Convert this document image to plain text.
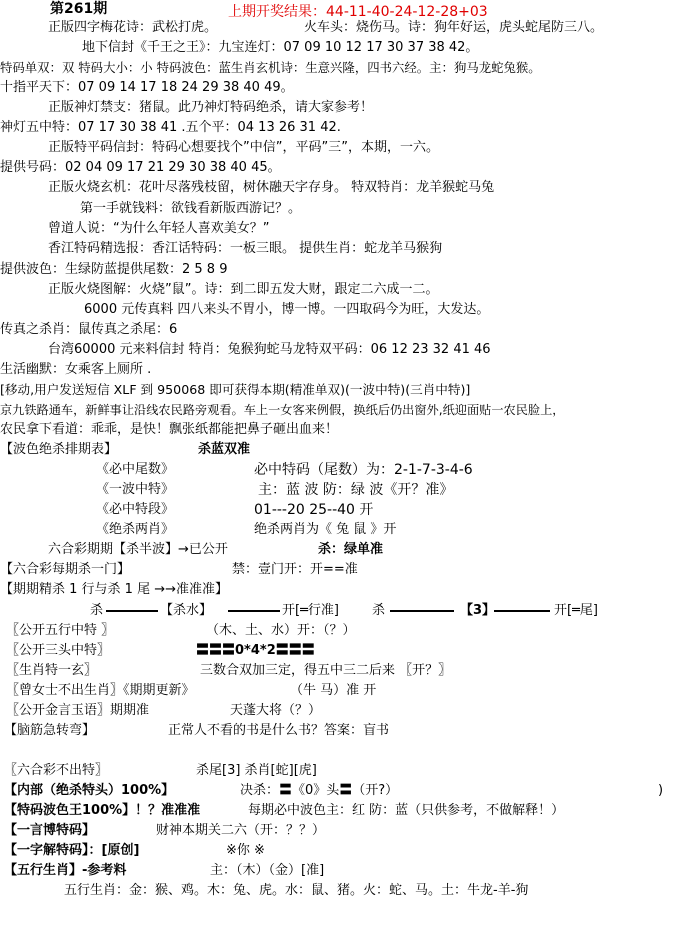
第261期	上期开奖结果：44-11-40-24-12-28+03
正版四字梅花诗：武松打虎。	火车头：烧伤马。诗：狗年好运，虎头蛇尾防三八。
地下信封《千王之王》：九宝连灯：07 09 10 12 17 30 37 38 42。
特码单双：双 特码大小：小 特码波色：蓝生肖玄机诗：生意兴隆，四书六经。主：狗马龙蛇兔猴。
十指平天下：07 09 14 17 18 24 29 38 40 49。
正版神灯禁支：猪鼠。此乃神灯特码绝杀，请大家参考！
神灯五中特：07 17 30 38 41 .五个平：04 13 26 31 42.
正版特平码信封：特码心想要找个”中信”，平码”三”，本期，一六。
提供号码：02 04 09 17 21 29 30 38 40 45。
正版火烧玄机：花叶尽落残枝留，树休融天字存身。 特双特肖：龙羊猴蛇马兔
第一手就钱料：欲钱看新版西游记？。
曾道人说：“为什么年轻人喜欢美女？”
香江特码精选报：香江话特码：一板三眼。 提供生肖：蛇龙羊马猴狗
提供波色：生绿防蓝提供尾数：2 5 8 9
正版火烧图解：火烧”鼠”。诗：到二即五发大财，跟定二六成一二。
6000 元传真料 四八来头不胃小，博一博。一四取码今为旺，大发达。
传真之杀肖：鼠传真之杀尾：6
台湾60000 元来料信封 特肖：兔猴狗蛇马龙特双平码：06 12 23 32 41 46
生活幽默：女乘客上厕所 .
[移动,用户发送短信 XLF 到 950068 即可获得本期(精准单双)(一波中特)(三肖中特)]
京九铁路通车，新鲜事让沿线农民路旁观看。车上一女客来例假，换纸后仍出窗外,纸迎面贴一农民脸上，
农民拿下看道：乖乖，是快！飘张纸都能把鼻子砸出血来！
【波色绝杀排期表】	杀蓝双准
《必中尾数》	必中特码（尾数）为：2-1-7-3-4-6
《一波中特》	主：蓝 波 防：绿 波《开？准》
《必中特段》	01---20 25--40 开
《绝杀两肖》	绝杀两肖为《 兔 鼠 》开
六合彩期期【杀半波】→已公开	杀：绿单准
【六合彩每期杀一门】	禁：壹门开：开==准
【期期精杀 1 行与杀 1 尾 →→准准准】
杀	【杀水】	开[═行准]	杀	【3】	开[═尾]
〖公开五行中特 〗	（木、土、水）开：（？）
〖公开三头中特〗	〓〓〓0*4*2〓〓〓
〖生肖特一玄〗	三数合双加三定，得五中三二后来 〖开？〗
〖曾女士不出生肖〗《期期更新》	（牛 马）准 开
〖公开金言玉语〗期期准	天蓬大将（？）
【脑筋急转弯】	正常人不看的书是什么书？答案：盲书
〖六合彩不出特〗	杀尾[3] 杀肖[蛇][虎]
【内部（绝杀特头）100%】	决杀：〓《0》头〓（开?）	)
【特码波色王100%】！？准准准	每期必中波色主：红 防：蓝（只供参考，不做解释！）
【一言博特码】	财神本期关二六（开：？？）
【一字解特码】：[原创]	※你 ※
【五行生肖】-参考料	主：（木）（金）[准]
五行生肖：金：猴、鸡。木：兔、虎。水：鼠、猪。火：蛇、马。土：牛龙-羊-狗
